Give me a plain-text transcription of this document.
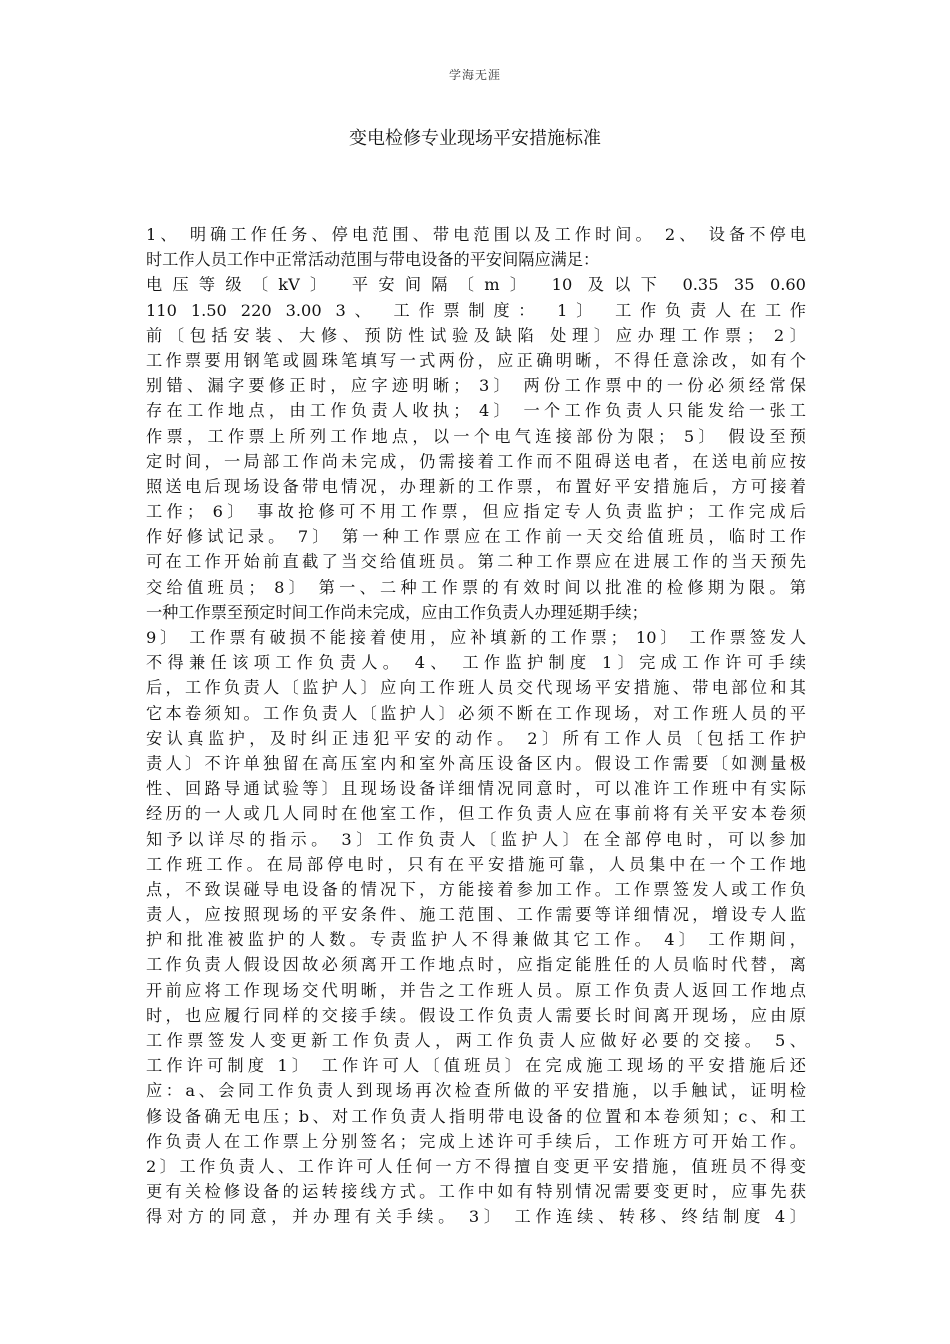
学海无涯
变电检修专业现场平安措施标准
1、 明确工作任务、停电范围、带电范围以及工作时间。 2、 设备不停电
时工作人员工作中正常活动范围与带电设备的平安间隔应满足：
电压等级〔kV〕 平安间隔〔m〕 10 及以下 0.35 35 0.60
110 1.50 220 3.00 3、 工作票制度： 1〕 工作负责人在工作
前〔包括安装、大修、预防性试验及缺陷 处理〕应办理工作票； 2〕
工作票要用钢笔或圆珠笔填写一式两份，应正确明晰，不得任意涂改，如有个
别错、漏字要修正时，应字迹明晰； 3〕 两份工作票中的一份必须经常保
存在工作地点，由工作负责人收执； 4〕 一个工作负责人只能发给一张工
作票，工作票上所列工作地点，以一个电气连接部份为限； 5〕 假设至预
定时间，一局部工作尚未完成，仍需接着工作而不阻碍送电者，在送电前应按
照送电后现场设备带电情况，办理新的工作票，布置好平安措施后，方可接着
工作； 6〕 事故抢修可不用工作票，但应指定专人负责监护；工作完成后
作好修试记录。 7〕 第一种工作票应在工作前一天交给值班员，临时工作
可在工作开始前直截了当交给值班员。第二种工作票应在进展工作的当天预先
交给值班员； 8〕 第一、二种工作票的有效时间以批准的检修期为限。第
一种工作票至预定时间工作尚未完成，应由工作负责人办理延期手续；
9〕 工作票有破损不能接着使用，应补填新的工作票； 10〕 工作票签发人
不得兼任该项工作负责人。 4、 工作监护制度 1〕完成工作许可手续
后，工作负责人〔监护人〕应向工作班人员交代现场平安措施、带电部位和其
它本卷须知。工作负责人〔监护人〕必须不断在工作现场，对工作班人员的平
安认真监护，及时纠正违犯平安的动作。 2〕所有工作人员〔包括工作护
责人〕不许单独留在高压室内和室外高压设备区内。假设工作需要〔如测量极
性、回路导通试验等〕且现场设备详细情况同意时，可以准许工作班中有实际
经历的一人或几人同时在他室工作，但工作负责人应在事前将有关平安本卷须
知予以详尽的指示。 3〕工作负责人〔监护人〕在全部停电时，可以参加
工作班工作。在局部停电时，只有在平安措施可靠，人员集中在一个工作地
点，不致误碰导电设备的情况下，方能接着参加工作。工作票签发人或工作负
责人，应按照现场的平安条件、施工范围、工作需要等详细情况，增设专人监
护和批准被监护的人数。专责监护人不得兼做其它工作。 4〕 工作期间，
工作负责人假设因故必须离开工作地点时，应指定能胜任的人员临时代替，离
开前应将工作现场交代明晰，并告之工作班人员。原工作负责人返回工作地点
时，也应履行同样的交接手续。假设工作负责人需要长时间离开现场，应由原
工作票签发人变更新工作负责人，两工作负责人应做好必要的交接。 5、
工作许可制度 1〕 工作许可人〔值班员〕在完成施工现场的平安措施后还
应：a、会同工作负责人到现场再次检查所做的平安措施，以手触试，证明检
修设备确无电压；b、对工作负责人指明带电设备的位置和本卷须知；c、和工
作负责人在工作票上分别签名；完成上述许可手续后，工作班方可开始工作。
2〕工作负责人、工作许可人任何一方不得擅自变更平安措施，值班员不得变
更有关检修设备的运转接线方式。工作中如有特别情况需要变更时，应事先获
得对方的同意，并办理有关手续。 3〕 工作连续、转移、终结制度 4〕
